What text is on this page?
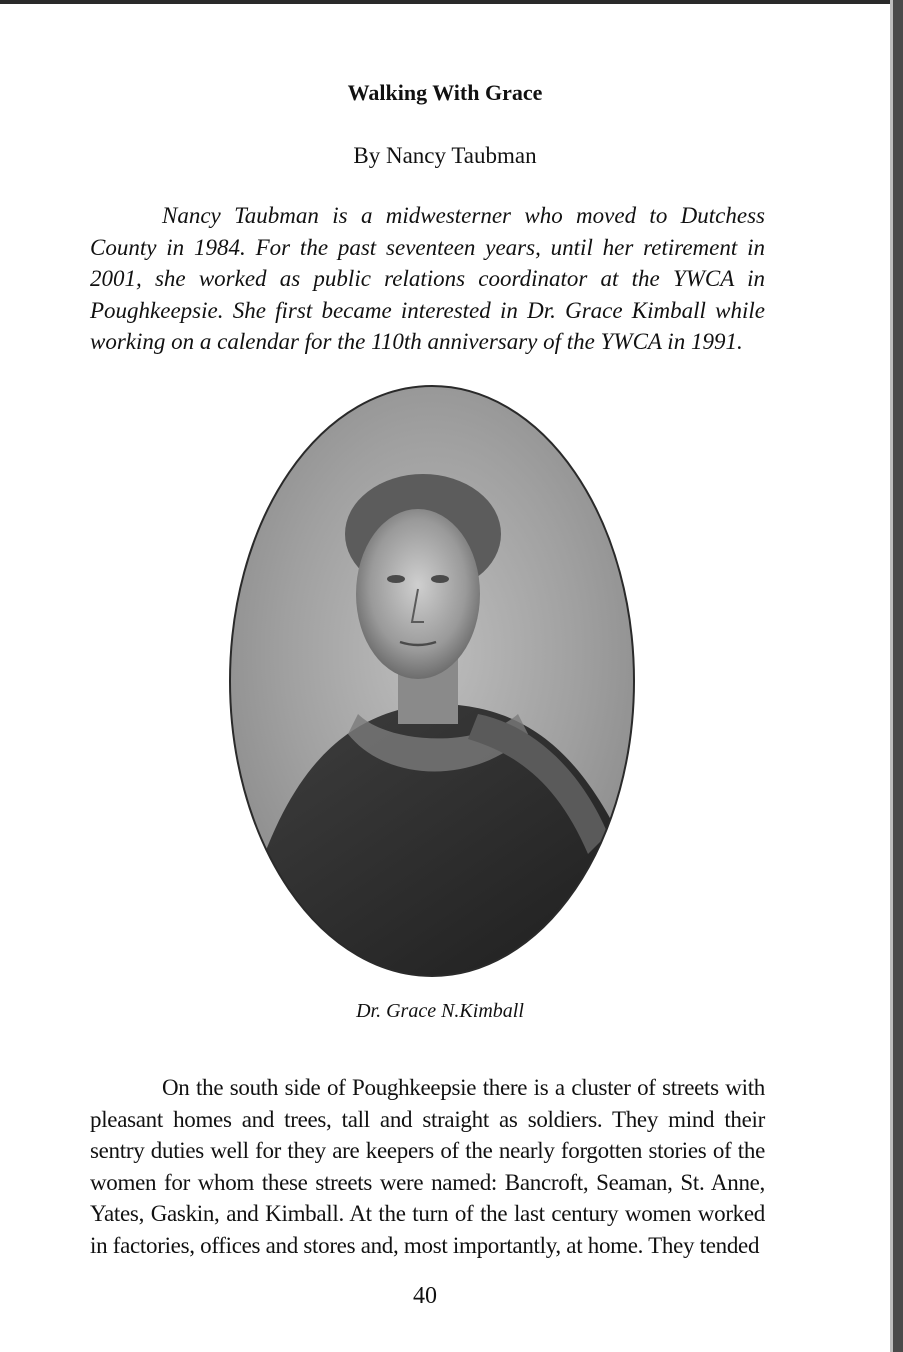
Walking With Grace
By Nancy Taubman
Nancy Taubman is a midwesterner who moved to Dutchess County in 1984. For the past seventeen years, until her retirement in 2001, she worked as public relations coordinator at the YWCA in Poughkeepsie. She first became interested in Dr. Grace Kimball while working on a calendar for the 110th anniversary of the YWCA in 1991.
Dr. Grace N.Kimball
On the south side of Poughkeepsie there is a cluster of streets with pleasant homes and trees, tall and straight as soldiers. They mind their sentry duties well for they are keepers of the nearly forgotten stories of the women for whom these streets were named: Bancroft, Seaman, St. Anne, Yates, Gaskin, and Kimball. At the turn of the last century women worked in factories, offices and stores and, most importantly, at home. They tended
40
